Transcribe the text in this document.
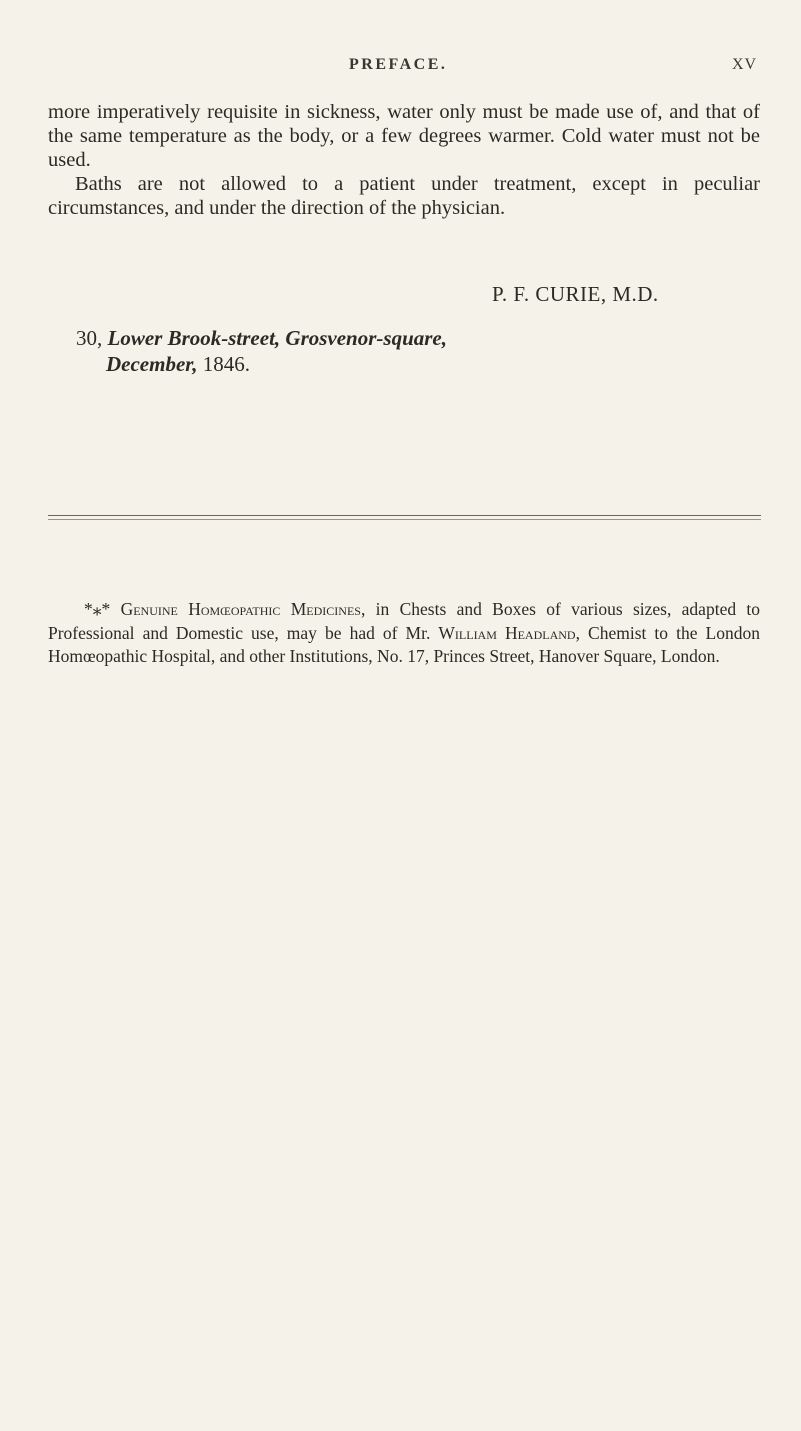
PREFACE.	XV

more imperatively requisite in sickness, water only must be made use of, and that of the same temperature as the body, or a few degrees warmer. Cold water must not be used.

Baths are not allowed to a patient under treatment, except in peculiar circumstances, and under the direction of the physician.

P. F. CURIE, M.D.
30, Lower Brook-street, Grosvenor-square,
December, 1846.
*⁎* Genuine Homœopathic Medicines, in Chests and Boxes of various sizes, adapted to Professional and Domestic use, may be had of Mr. William Headland, Chemist to the London Homœopathic Hospital, and other Institutions, No. 17, Princes Street, Hanover Square, London.
